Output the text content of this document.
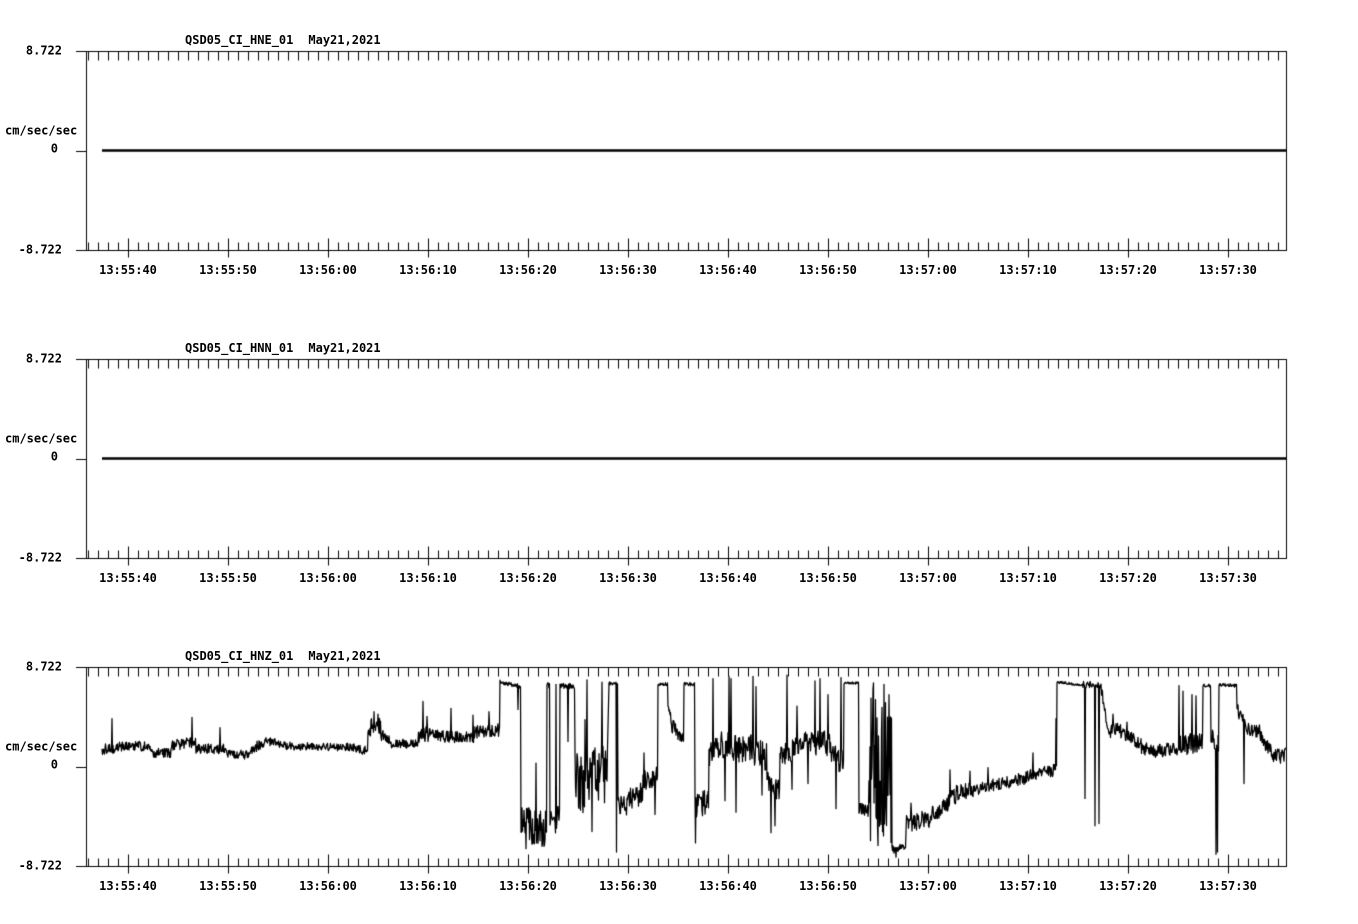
QSD05_CI_HNE_01 May21,2021
8.722
cm/sec/sec
0
-8.722
13:55:40	13:55:50	13:56:00	13:56:10	13:56:20	13:56:30	13:56:40	13:56:50	13:57:00	13:57:10	13:57:20	13:57:30
QSD05_CI_HNN_01 May21,2021
8.722
cm/sec/sec
0
-8.722
13:55:40	13:55:50	13:56:00	13:56:10	13:56:20	13:56:30	13:56:40	13:56:50	13:57:00	13:57:10	13:57:20	13:57:30
QSD05_CI_HNZ_01 May21,2021
8.722
cm/sec/sec
0
-8.722
13:55:40	13:55:50	13:56:00	13:56:10	13:56:20	13:56:30	13:56:40	13:56:50	13:57:00	13:57:10	13:57:20	13:57:30
